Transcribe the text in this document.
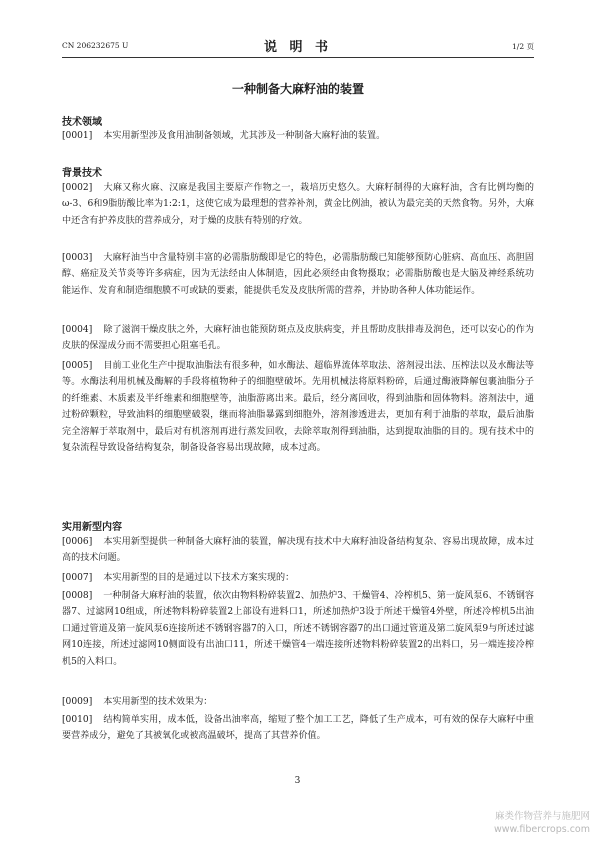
CN 206232675 U	说 明 书	1/2 页
一种制备大麻籽油的装置
技术领域
[0001] 本实用新型涉及食用油制备领域，尤其涉及一种制备大麻籽油的装置。
背景技术
[0002] 大麻又称火麻、汉麻是我国主要原产作物之一，栽培历史悠久。大麻籽制得的大麻籽油，含有比例均衡的ω-3、6和9脂肪酸比率为1:2:1，这使它成为最理想的营养补剂，黄金比例油，被认为最完美的天然食物。另外，大麻中还含有护养皮肤的营养成分，对于燥的皮肤有特别的疗效。
[0003] 大麻籽油当中含量特别丰富的必需脂肪酸即是它的特色，必需脂肪酸已知能够预防心脏病、高血压、高胆固醇、癌症及关节炎等许多病症，因为无法经由人体制造，因此必须经由食物摄取；必需脂肪酸也是大脑及神经系统功能运作、发育和制造细胞膜不可或缺的要素，能提供毛发及皮肤所需的营养，并协助各种人体功能运作。
[0004] 除了滋润干燥皮肤之外，大麻籽油也能预防斑点及皮肤病变，并且帮助皮肤排毒及润色，还可以安心的作为皮肤的保湿成分而不需要担心阻塞毛孔。
[0005] 目前工业化生产中提取油脂法有很多种，如水酶法、超临界流体萃取法、溶剂浸出法、压榨法以及水酶法等等。水酶法利用机械及酶解的手段将植物种子的细胞壁破坏。先用机械法将原料粉碎，后通过酶液降解包裹油脂分子的纤维素、木质素及半纤维素和细胞壁等，油脂游离出来。最后，经分离回收，得到油脂和固体物料。溶剂法中，通过粉碎颗粒，导致油料的细胞壁破裂，继而将油脂暴露到细胞外，溶剂渗透进去，更加有利于油脂的萃取，最后油脂完全溶解于萃取剂中，最后对有机溶剂再进行蒸发回收，去除萃取剂得到油脂，达到提取油脂的目的。现有技术中的复杂流程导致设备结构复杂，制备设备容易出现故障，成本过高。
实用新型内容
[0006] 本实用新型提供一种制备大麻籽油的装置，解决现有技术中大麻籽油设备结构复杂、容易出现故障，成本过高的技术问题。
[0007] 本实用新型的目的是通过以下技术方案实现的：
[0008] 一种制备大麻籽油的装置，依次由物料粉碎装置2、加热炉3、干燥管4、冷榨机5、第一旋风泵6、不锈钢容器7、过滤网10组成，所述物料粉碎装置2上部设有进料口1，所述加热炉3设于所述干燥管4外壁，所述冷榨机5出油口通过管道及第一旋风泵6连接所述不锈钢容器7的入口，所述不锈钢容器7的出口通过管道及第二旋风泵9与所述过滤网10连接，所述过滤网10侧面设有出油口11，所述干燥管4一端连接所述物料粉碎装置2的出料口，另一端连接冷榨机5的入料口。
[0009] 本实用新型的技术效果为：
[0010] 结构简单实用，成本低，设备出油率高，缩短了整个加工工艺，降低了生产成本，可有效的保存大麻籽中重要营养成分，避免了其被氧化或被高温破坏，提高了其营养价值。
3
麻类作物营养与施肥网
www.fibercrops.com
